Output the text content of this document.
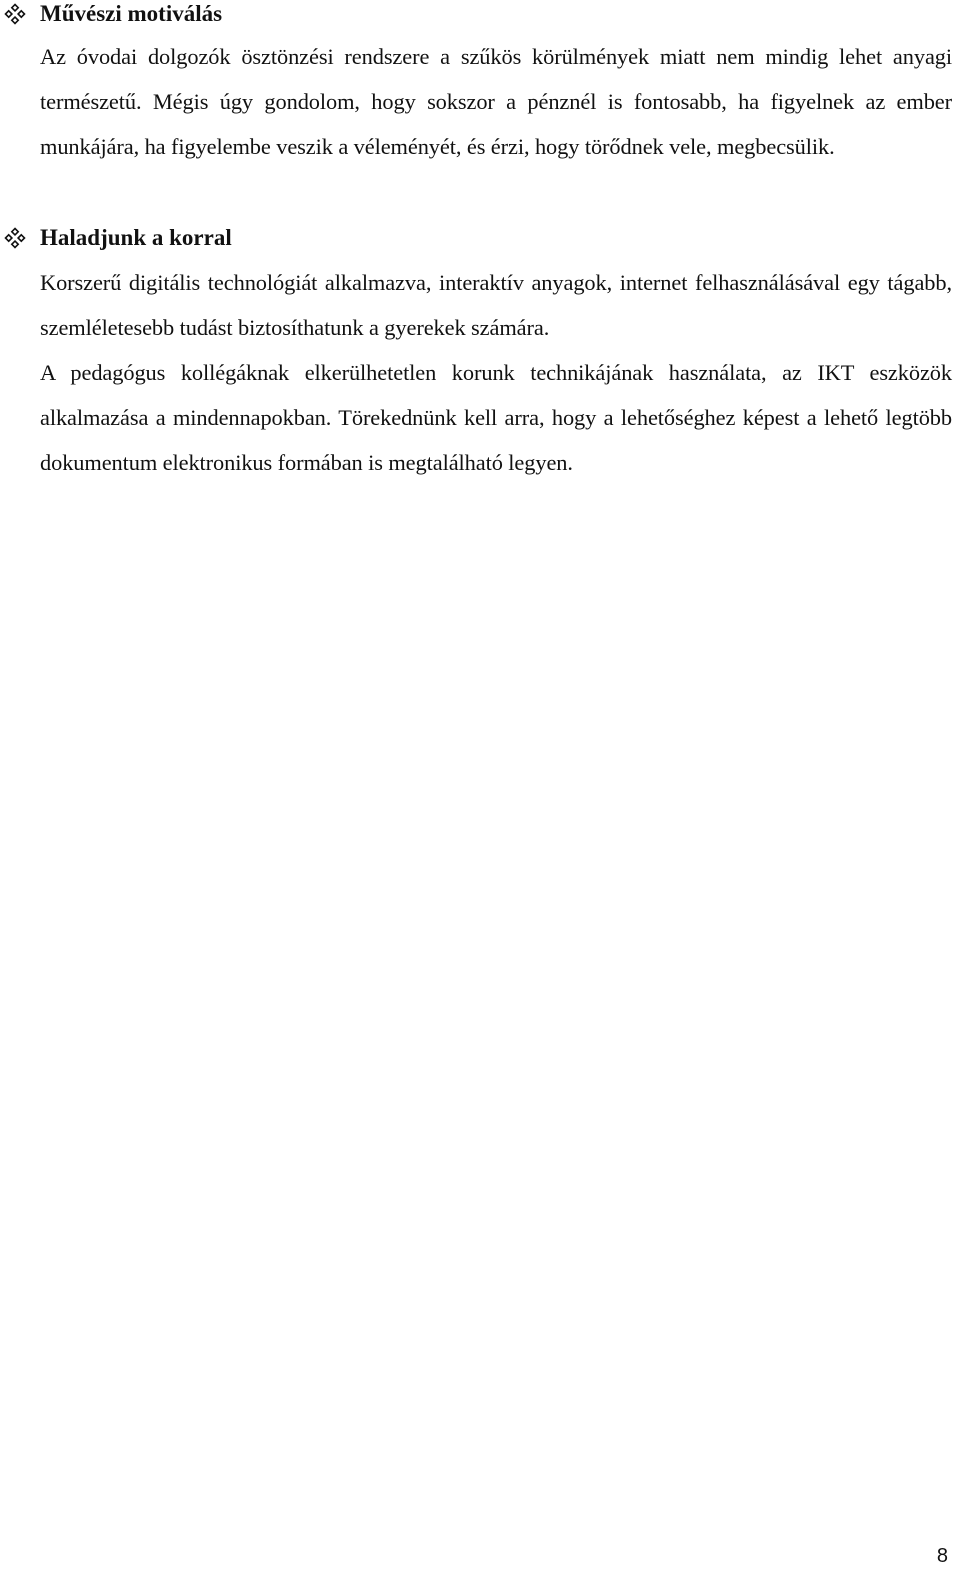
Művészi motiválás

Az óvodai dolgozók ösztönzési rendszere a szűkös körülmények miatt nem mindig lehet anyagi természetű. Mégis úgy gondolom, hogy sokszor a pénznél is fontosabb, ha figyelnek az ember munkájára, ha figyelembe veszik a véleményét, és érzi, hogy törődnek vele, megbecsülik.

Haladjunk a korral

Korszerű digitális technológiát alkalmazva, interaktív anyagok, internet felhasználásával egy tágabb, szemléletesebb tudást biztosíthatunk a gyerekek számára.

A pedagógus kollégáknak elkerülhetetlen korunk technikájának használata, az IKT eszközök alkalmazása a mindennapokban. Törekednünk kell arra, hogy a lehetőséghez képest a lehető legtöbb dokumentum elektronikus formában is megtalálható legyen.

8
